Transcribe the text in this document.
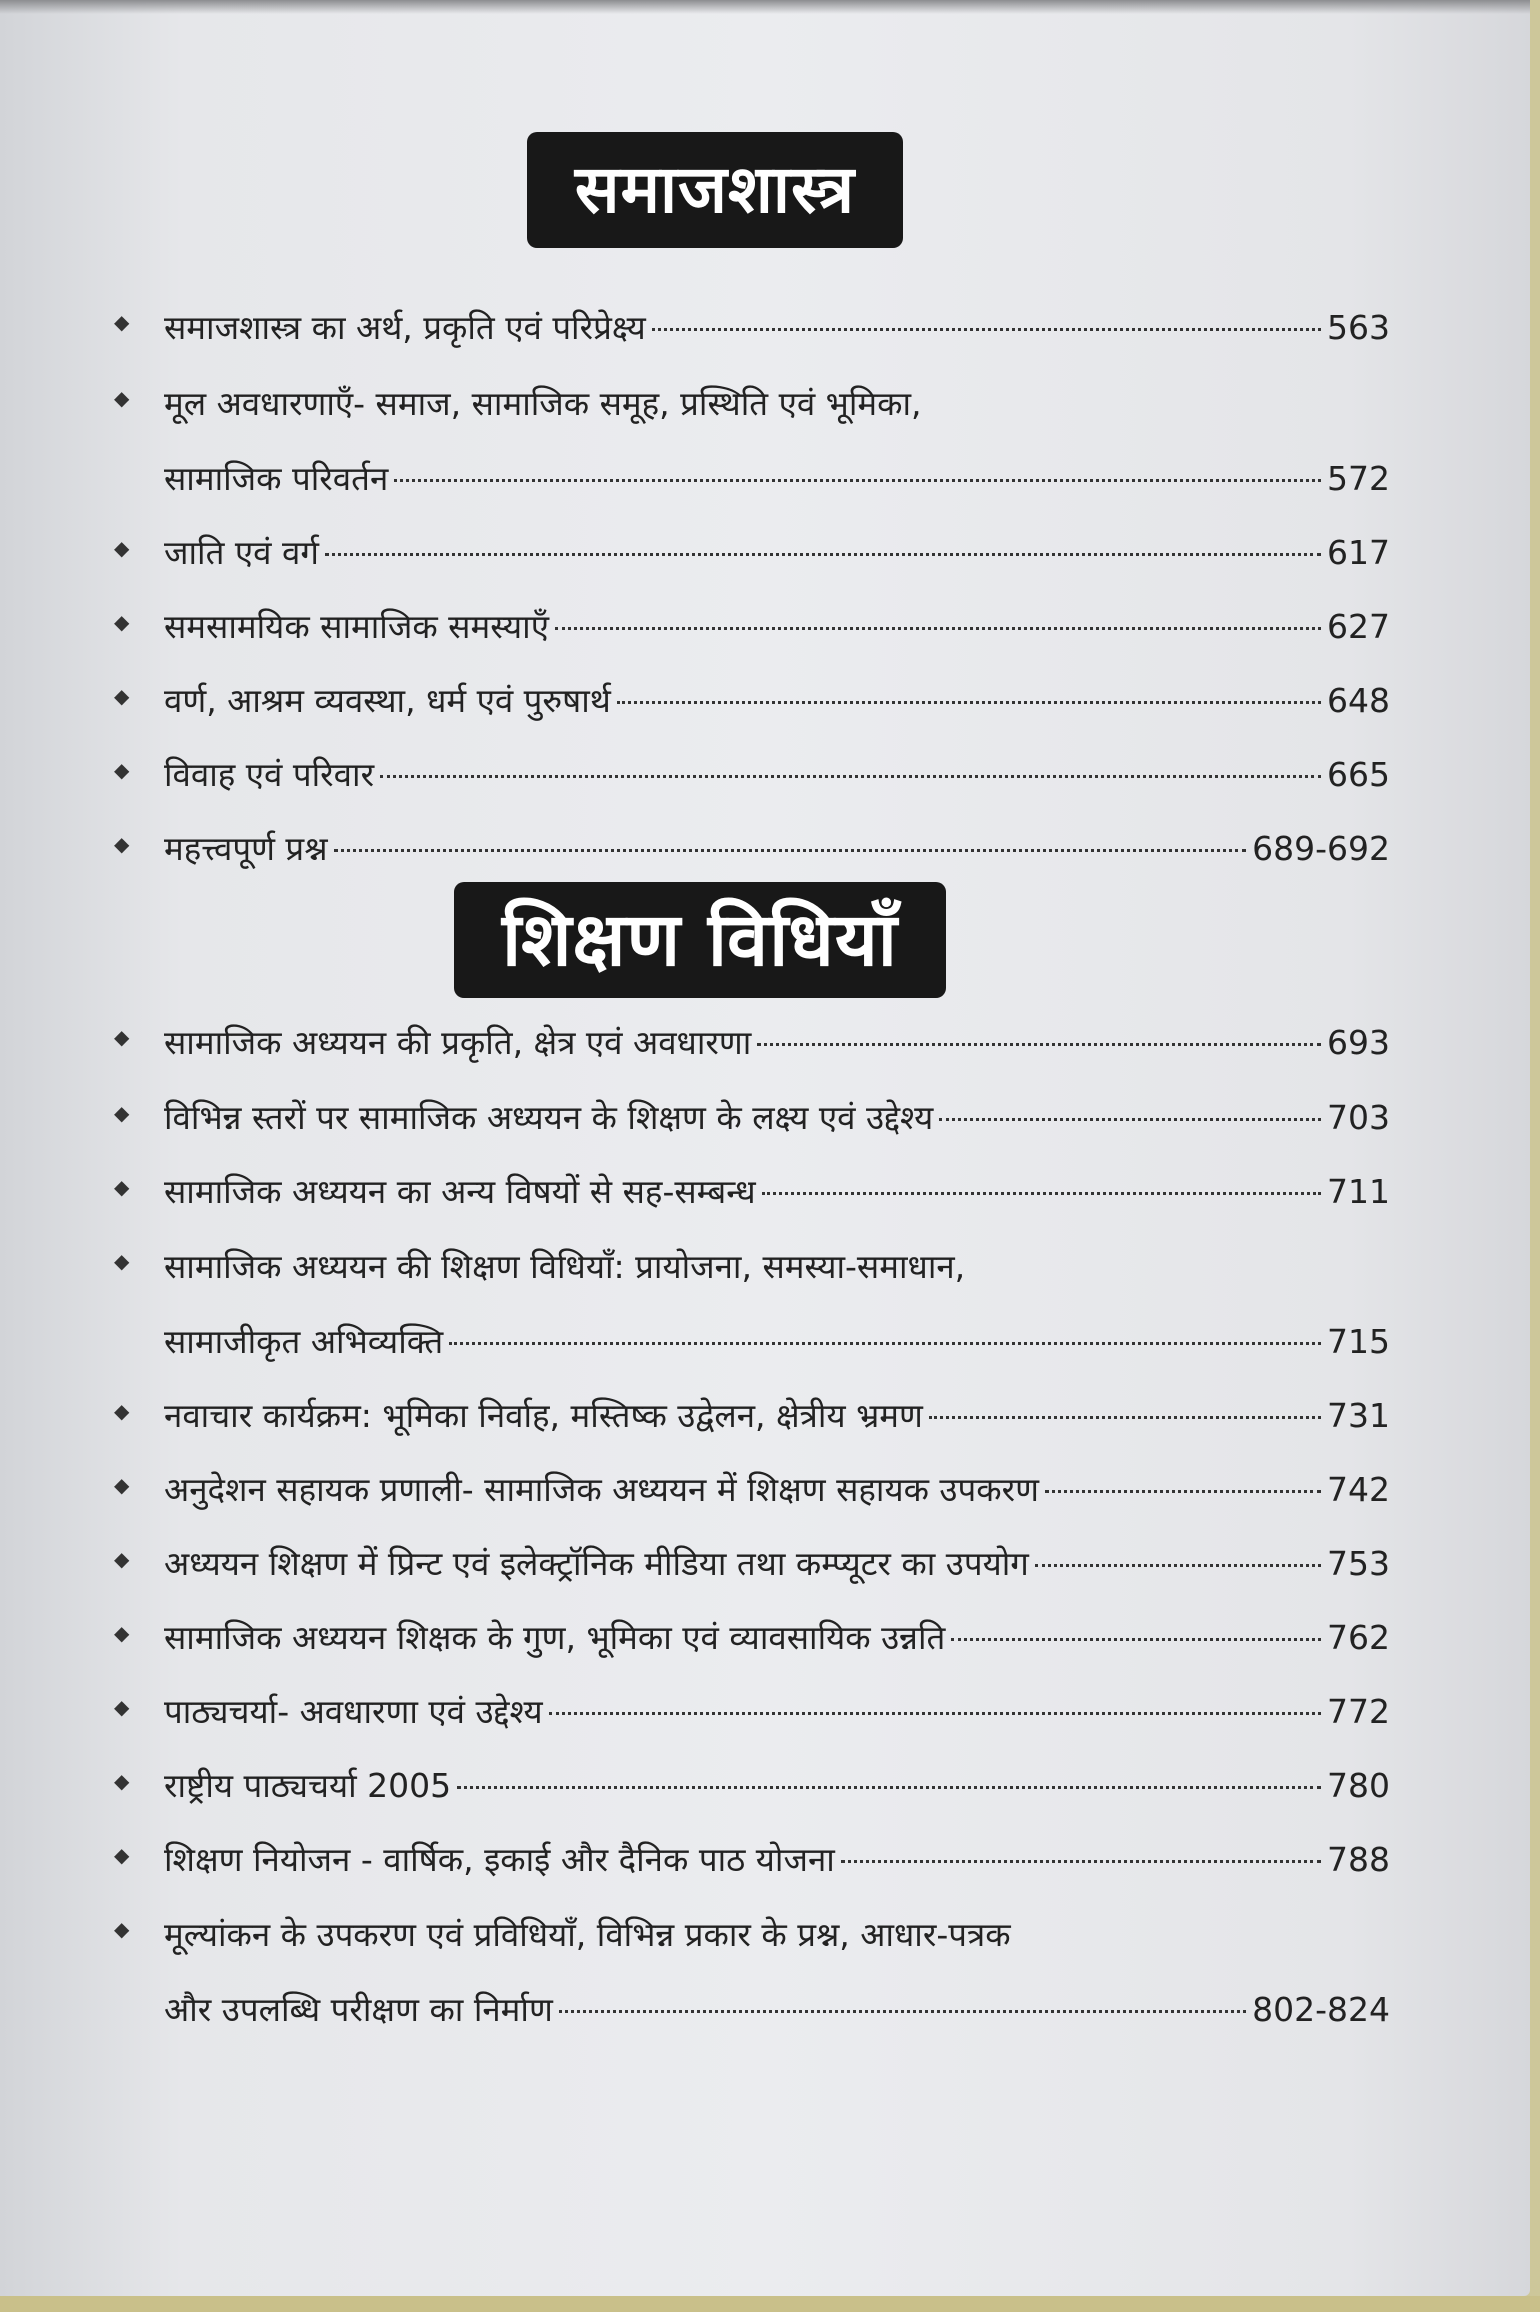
समाजशास्त्र
◆	समाजशास्त्र का अर्थ, प्रकृति एवं परिप्रेक्ष्य	563
◆	मूल अवधारणाएँ- समाज, सामाजिक समूह, प्रस्थिति एवं भूमिका,
सामाजिक परिवर्तन	572
◆	जाति एवं वर्ग	617
◆	समसामयिक सामाजिक समस्याएँ	627
◆	वर्ण, आश्रम व्यवस्था, धर्म एवं पुरुषार्थ	648
◆	विवाह एवं परिवार	665
◆	महत्त्वपूर्ण प्रश्न	689-692
शिक्षण विधियाँ
◆	सामाजिक अध्ययन की प्रकृति, क्षेत्र एवं अवधारणा	693
◆	विभिन्न स्तरों पर सामाजिक अध्ययन के शिक्षण के लक्ष्य एवं उद्देश्य	703
◆	सामाजिक अध्ययन का अन्य विषयों से सह-सम्बन्ध	711
◆	सामाजिक अध्ययन की शिक्षण विधियाँ: प्रायोजना, समस्या-समाधान,
सामाजीकृत अभिव्यक्ति	715
◆	नवाचार कार्यक्रम: भूमिका निर्वाह, मस्तिष्क उद्वेलन, क्षेत्रीय भ्रमण	731
◆	अनुदेशन सहायक प्रणाली- सामाजिक अध्ययन में शिक्षण सहायक उपकरण	742
◆	अध्ययन शिक्षण में प्रिन्ट एवं इलेक्ट्रॉनिक मीडिया तथा कम्प्यूटर का उपयोग	753
◆	सामाजिक अध्ययन शिक्षक के गुण, भूमिका एवं व्यावसायिक उन्नति	762
◆	पाठ्यचर्या- अवधारणा एवं उद्देश्य	772
◆	राष्ट्रीय पाठ्यचर्या 2005	780
◆	शिक्षण नियोजन - वार्षिक, इकाई और दैनिक पाठ योजना	788
◆	मूल्यांकन के उपकरण एवं प्रविधियाँ, विभिन्न प्रकार के प्रश्न, आधार-पत्रक
और उपलब्धि परीक्षण का निर्माण	802-824
